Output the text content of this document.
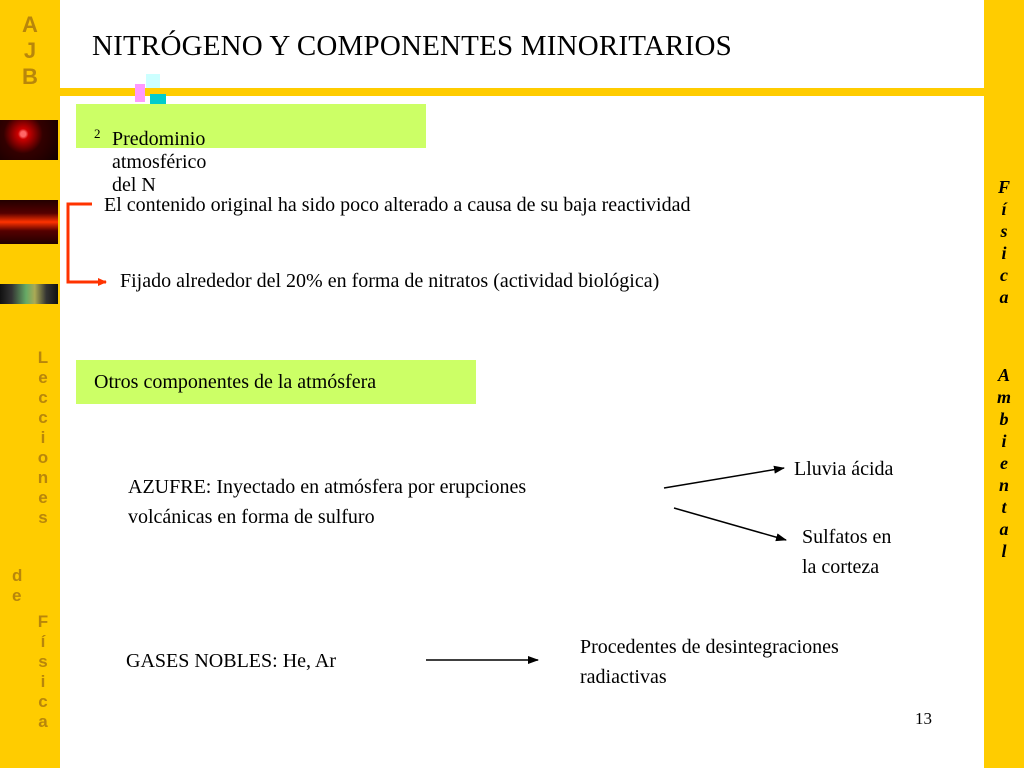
A
J
B
L
e
c
c
i
o
n
e
s
d
e
F
í
s
i
c
a
F
í
s
i
c
a
A
m
b
i
e
n
t
a
l
NITRÓGENO Y COMPONENTES MINORITARIOS
Predominio atmosférico del N
$_2$
El contenido original ha sido poco alterado a causa de su baja reactividad
Fijado alrededor del 20% en forma de nitratos (actividad biológica)
Otros componentes de la atmósfera
AZUFRE: Inyectado en atmósfera por erupciones
volcánicas en forma de sulfuro
Lluvia ácida
Sulfatos en
la corteza
GASES NOBLES: He, Ar
Procedentes de desintegraciones
radiactivas
13
